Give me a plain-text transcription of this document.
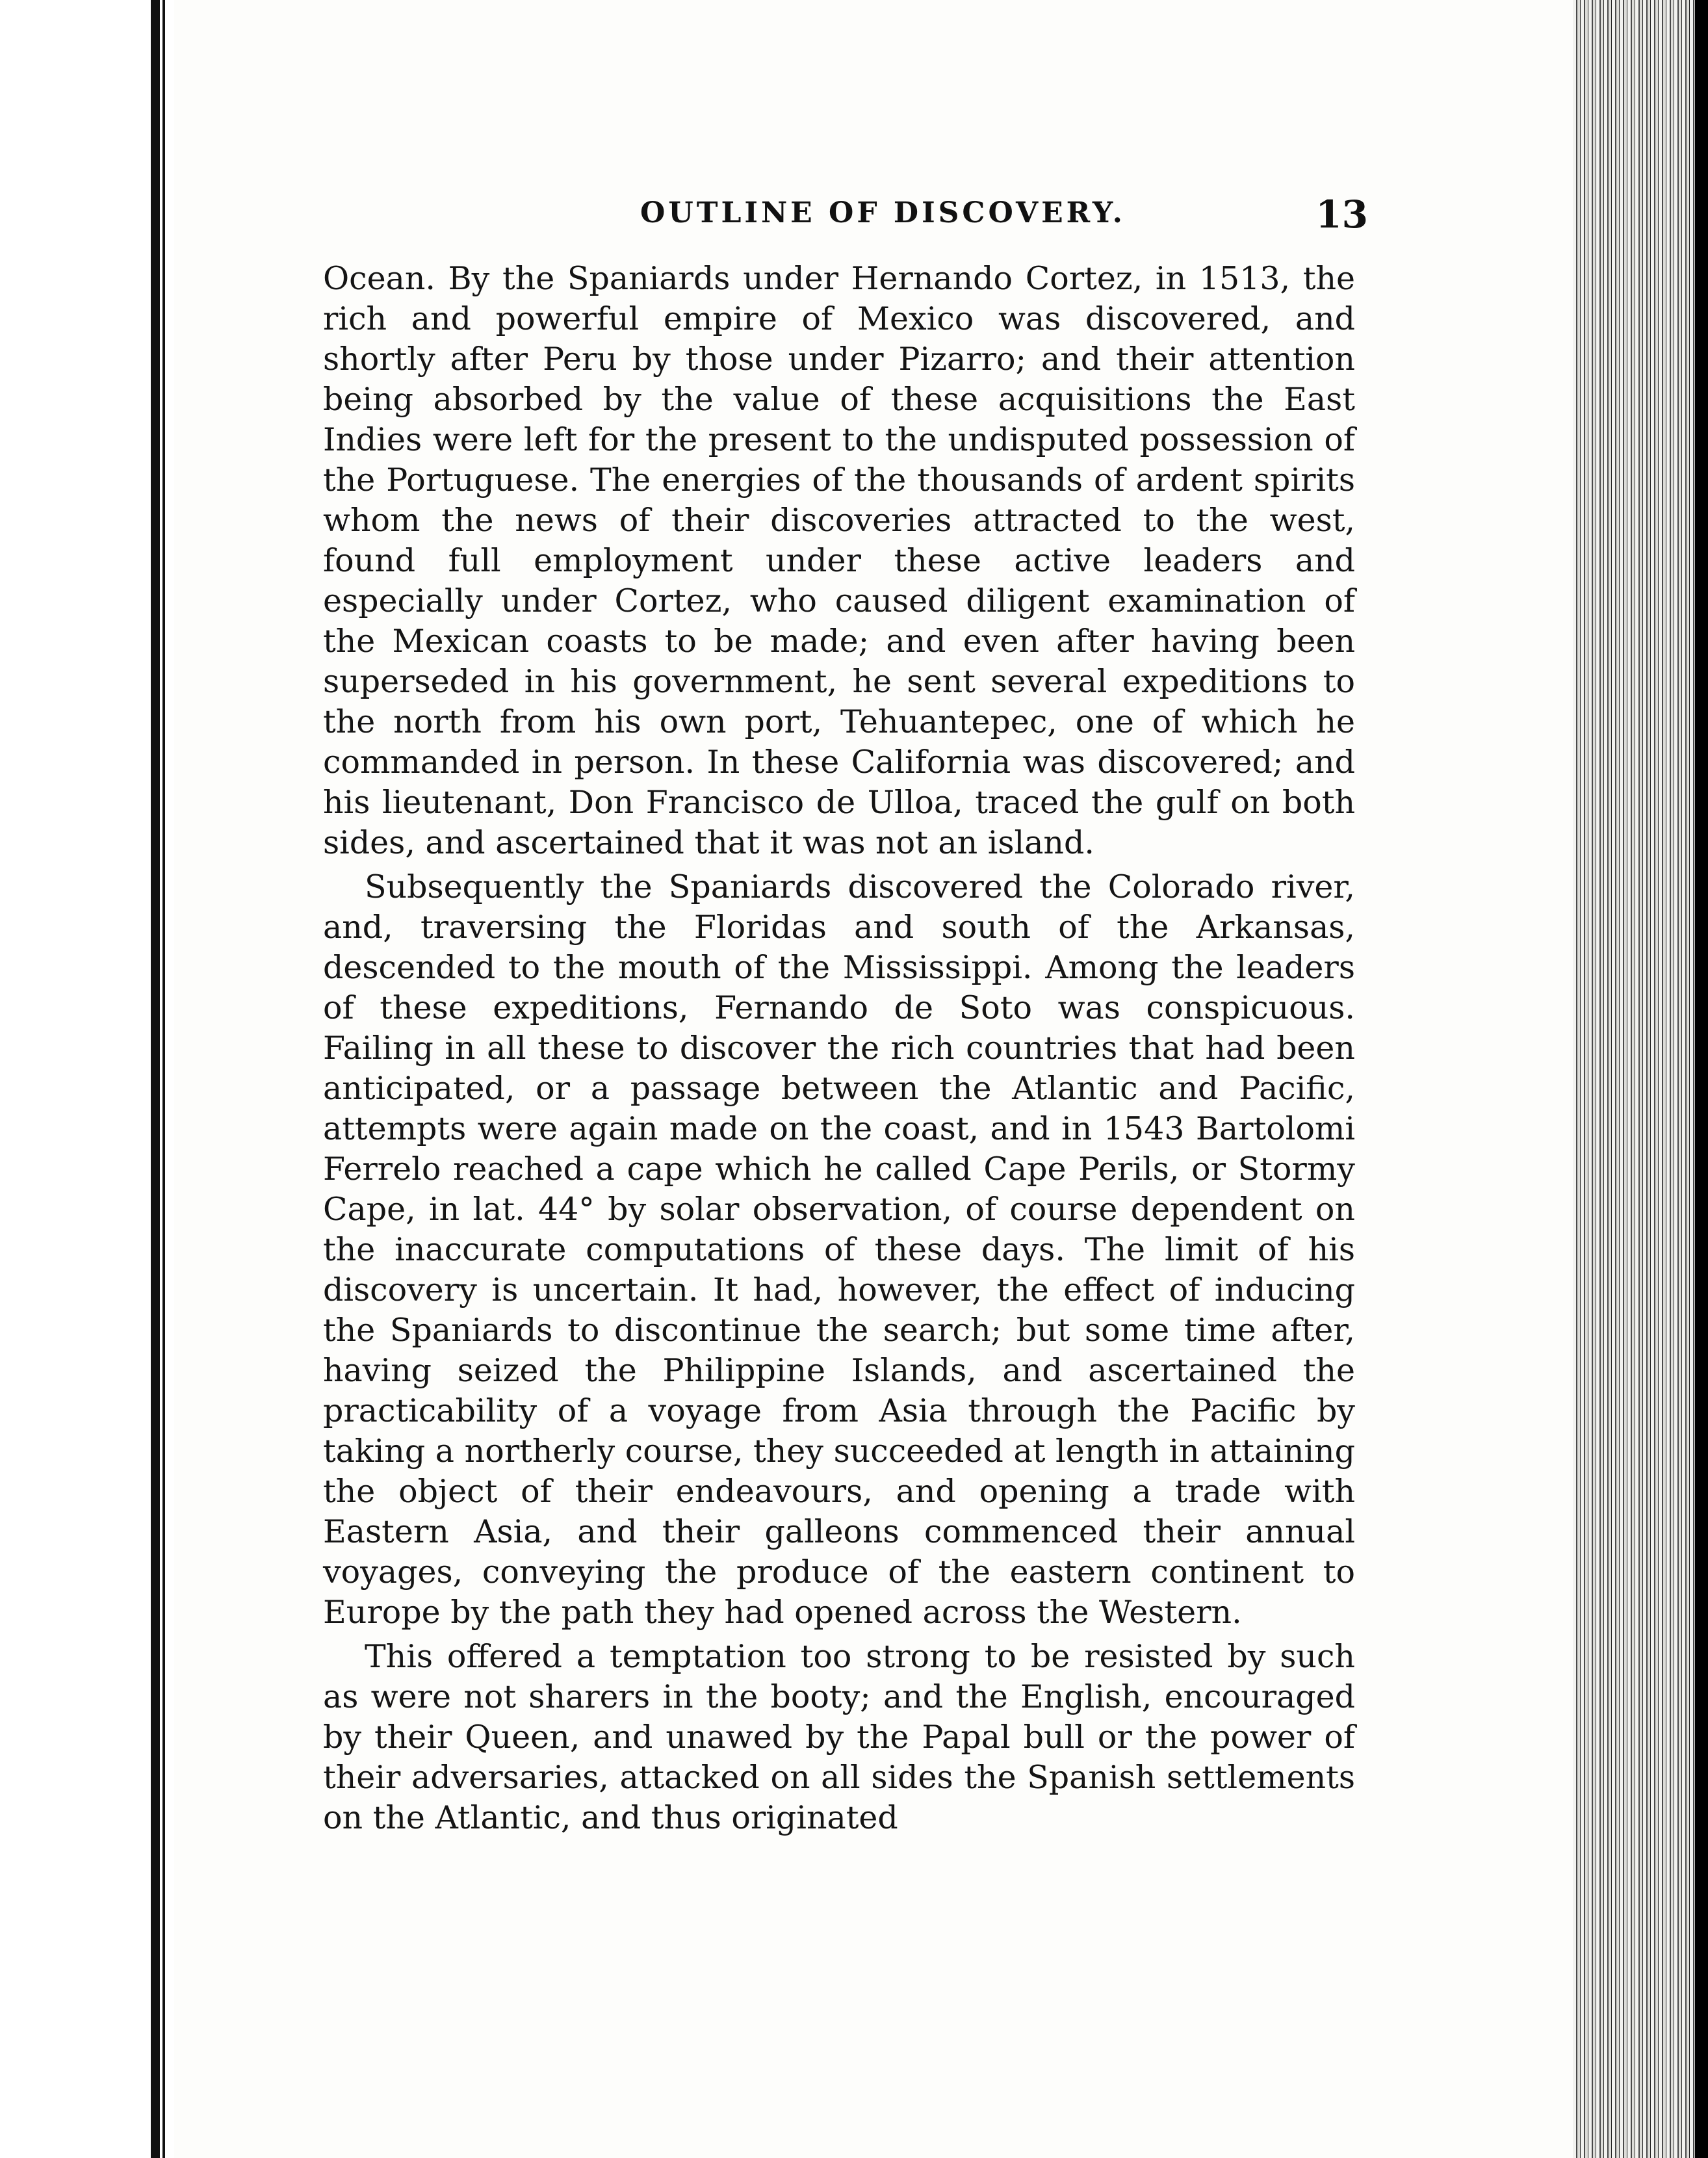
OUTLINE OF DISCOVERY.	13

Ocean. By the Spaniards under Hernando Cortez, in 1513, the rich and powerful empire of Mexico was discovered, and shortly after Peru by those under Pizarro; and their attention being absorbed by the value of these acquisitions the East Indies were left for the present to the undisputed possession of the Portuguese. The energies of the thousands of ardent spirits whom the news of their discoveries attracted to the west, found full employment under these active leaders and especially under Cortez, who caused diligent examination of the Mexican coasts to be made; and even after having been superseded in his government, he sent several expeditions to the north from his own port, Tehuantepec, one of which he commanded in person. In these California was discovered; and his lieutenant, Don Francisco de Ulloa, traced the gulf on both sides, and ascertained that it was not an island.

Subsequently the Spaniards discovered the Colorado river, and, traversing the Floridas and south of the Arkansas, descended to the mouth of the Mississippi. Among the leaders of these expeditions, Fernando de Soto was conspicuous. Failing in all these to discover the rich countries that had been anticipated, or a passage between the Atlantic and Pacific, attempts were again made on the coast, and in 1543 Bartolomi Ferrelo reached a cape which he called Cape Perils, or Stormy Cape, in lat. 44° by solar observation, of course dependent on the inaccurate computations of these days. The limit of his discovery is uncertain. It had, however, the effect of inducing the Spaniards to discontinue the search; but some time after, having seized the Philippine Islands, and ascertained the practicability of a voyage from Asia through the Pacific by taking a northerly course, they succeeded at length in attaining the object of their endeavours, and opening a trade with Eastern Asia, and their galleons commenced their annual voyages, conveying the produce of the eastern continent to Europe by the path they had opened across the Western.

This offered a temptation too strong to be resisted by such as were not sharers in the booty; and the English, encouraged by their Queen, and unawed by the Papal bull or the power of their adversaries, attacked on all sides the Spanish settlements on the Atlantic, and thus originated
